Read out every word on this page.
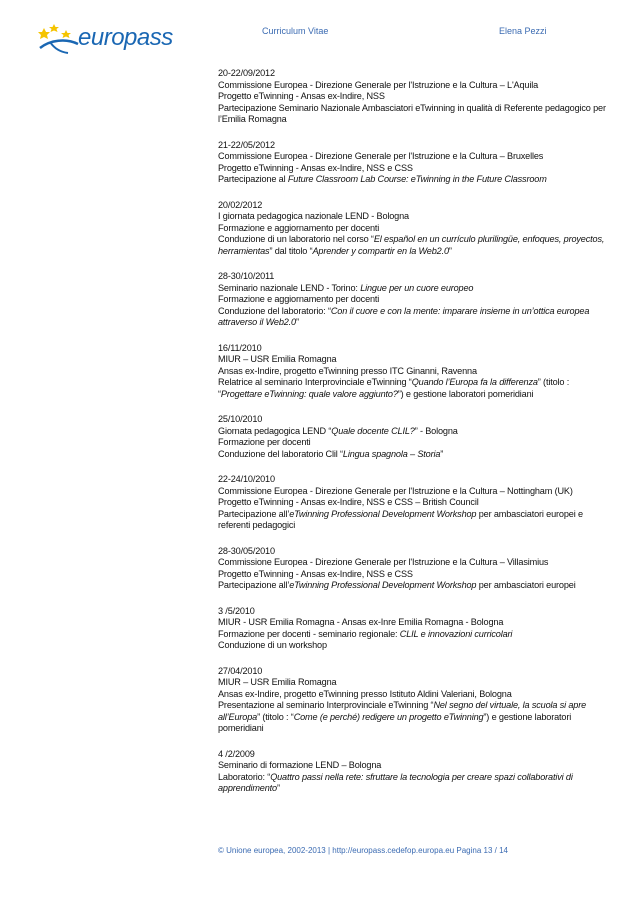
europass	Curriculum Vitae	Elena Pezzi

20-22/09/2012

Commissione Europea - Direzione Generale per l'Istruzione e la Cultura – L'Aquila

Progetto eTwinning - Ansas ex-Indire, NSS

Partecipazione Seminario Nazionale Ambasciatori eTwinning in qualità di Referente pedagogico per l’Emilia Romagna

21-22/05/2012

Commissione Europea - Direzione Generale per l'Istruzione e la Cultura – Bruxelles

Progetto eTwinning - Ansas ex-Indire, NSS e CSS

Partecipazione al Future Classroom Lab Course: eTwinning in the Future Classroom

20/02/2012

I giornata pedagogica nazionale LEND - Bologna

Formazione e aggiornamento per docenti

Conduzione di un laboratorio nel corso “El español en un currículo plurilingüe, enfoques, proyectos, herramientas” dal titolo “Aprender y compartir en la Web2.0”

28-30/10/2011

Seminario nazionale LEND - Torino: Lingue per un cuore europeo

Formazione e aggiornamento per docenti

Conduzione del laboratorio: “Con il cuore e con la mente: imparare insieme in un’ottica europea attraverso il Web2.0”

16/11/2010

MIUR – USR Emilia Romagna

Ansas ex-Indire, progetto eTwinning presso ITC Ginanni, Ravenna

Relatrice al seminario Interprovinciale eTwinning “Quando l’Europa fa la differenza” (titolo : “Progettare eTwinning: quale valore aggiunto?”) e gestione laboratori pomeridiani

25/10/2010

Giornata pedagogica LEND “Quale docente CLIL?” - Bologna

Formazione per docenti

Conduzione del laboratorio Clil “Lingua spagnola – Storia”

22-24/10/2010

Commissione Europea - Direzione Generale per l'Istruzione e la Cultura – Nottingham (UK)

Progetto eTwinning - Ansas ex-Indire, NSS e CSS – British Council

Partecipazione all’eTwinning Professional Development Workshop per ambasciatori europei e referenti pedagogici

28-30/05/2010

Commissione Europea - Direzione Generale per l'Istruzione e la Cultura – Villasimius

Progetto eTwinning - Ansas ex-Indire, NSS e CSS

Partecipazione all’eTwinning Professional Development Workshop per ambasciatori europei

3 /5/2010

MIUR - USR Emilia Romagna - Ansas ex-Inre Emilia Romagna - Bologna

Formazione per docenti - seminario regionale: CLIL e innovazioni curricolari

Conduzione di un workshop

27/04/2010

MIUR – USR Emilia Romagna

Ansas ex-Indire, progetto eTwinning presso Istituto Aldini Valeriani, Bologna

Presentazione al seminario Interprovinciale eTwinning “Nel segno del virtuale, la scuola si apre all’Europa” (titolo : “Come (e perché) redigere un progetto eTwinning”) e gestione laboratori pomeridiani

4 /2/2009

Seminario di formazione LEND – Bologna

Laboratorio: “Quattro passi nella rete: sfruttare la tecnologia per creare spazi collaborativi di apprendimento”

© Unione europea, 2002-2013 | http://europass.cedefop.europa.eu Pagina 13 / 14
